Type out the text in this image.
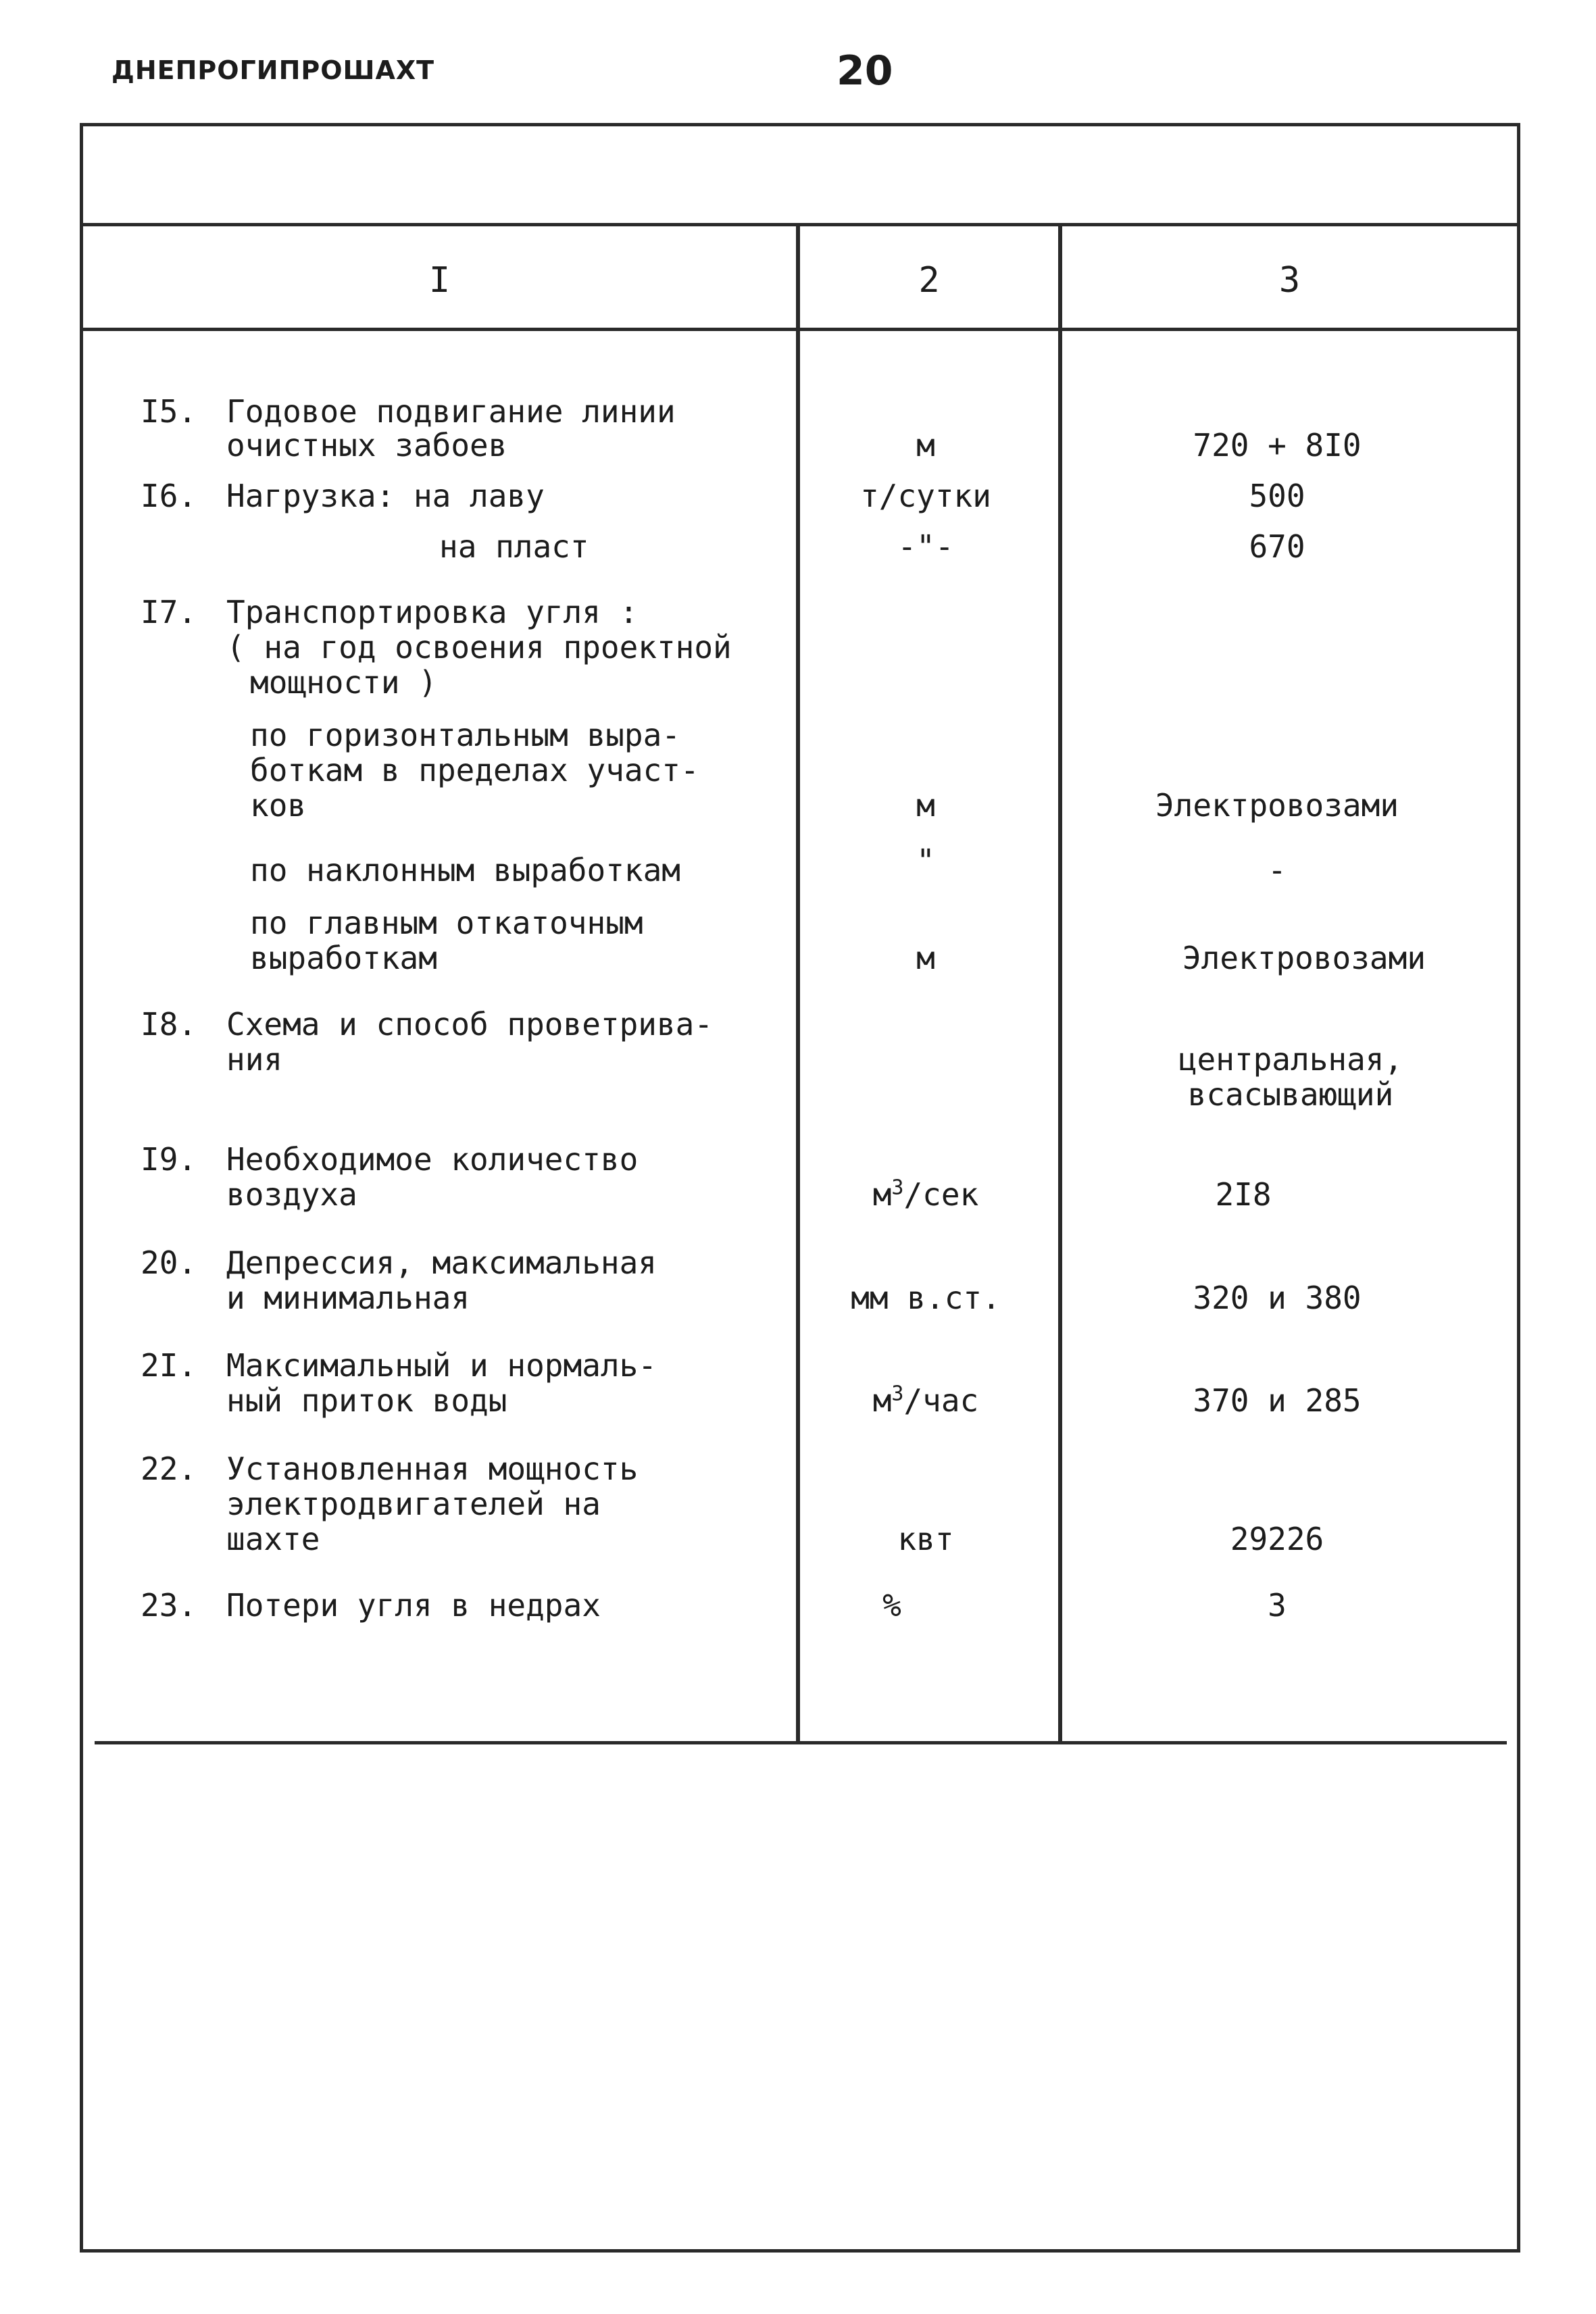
ДНЕПРОГИПРОШАХТ	20
I	2	3
I5. Годовое подвигание линии
очистных забоев	м	720 + 8I0
I6. Нагрузка: на лаву	т/сутки	500
на пласт	-"-	670
I7. Транспортировка угля :
( на год освоения проектной
мощности )
по горизонтальным выра-
боткам в пределах участ-
ков	м	Электровозами
по наклонным выработкам	"	-
по главным откаточным
выработкам	м	Электровозами
I8. Схема и способ проветрива-
ния	центральная,
всасывающий
I9. Необходимое количество
воздуха	$м^3$/сек	2I8
20. Депрессия, максимальная
и минимальная	мм в.ст.	320 и 380
2I. Максимальный и нормаль-
ный приток воды	$м^3$/час	370 и 285
22. Установленная мощность
электродвигателей на
шахте	квт	29226
23. Потери угля в недрах	%	3
